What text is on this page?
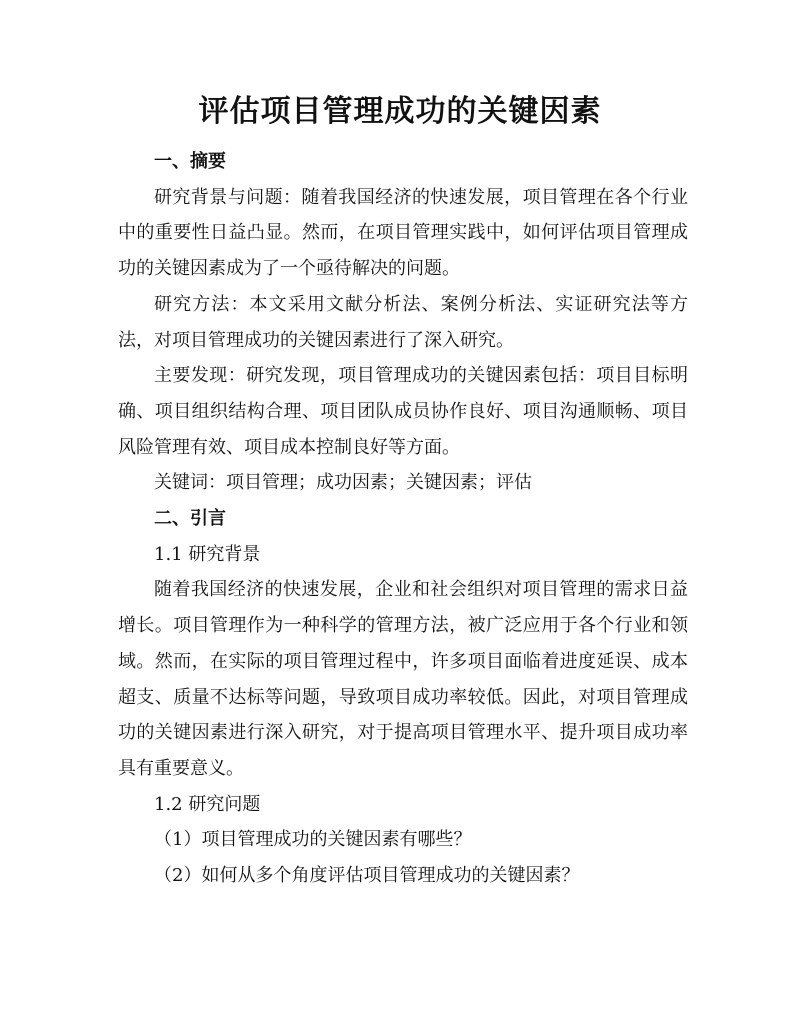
评估项目管理成功的关键因素

一、摘要

研究背景与问题：随着我国经济的快速发展，项目管理在各个行业中的重要性日益凸显。然而，在项目管理实践中，如何评估项目管理成功的关键因素成为了一个亟待解决的问题。

研究方法：本文采用文献分析法、案例分析法、实证研究法等方法，对项目管理成功的关键因素进行了深入研究。

主要发现：研究发现，项目管理成功的关键因素包括：项目目标明确、项目组织结构合理、项目团队成员协作良好、项目沟通顺畅、项目风险管理有效、项目成本控制良好等方面。

关键词：项目管理；成功因素；关键因素；评估

二、引言

1.1 研究背景

随着我国经济的快速发展，企业和社会组织对项目管理的需求日益增长。项目管理作为一种科学的管理方法，被广泛应用于各个行业和领域。然而，在实际的项目管理过程中，许多项目面临着进度延误、成本超支、质量不达标等问题，导致项目成功率较低。因此，对项目管理成功的关键因素进行深入研究，对于提高项目管理水平、提升项目成功率具有重要意义。

1.2 研究问题

（1）项目管理成功的关键因素有哪些？

（2）如何从多个角度评估项目管理成功的关键因素？
